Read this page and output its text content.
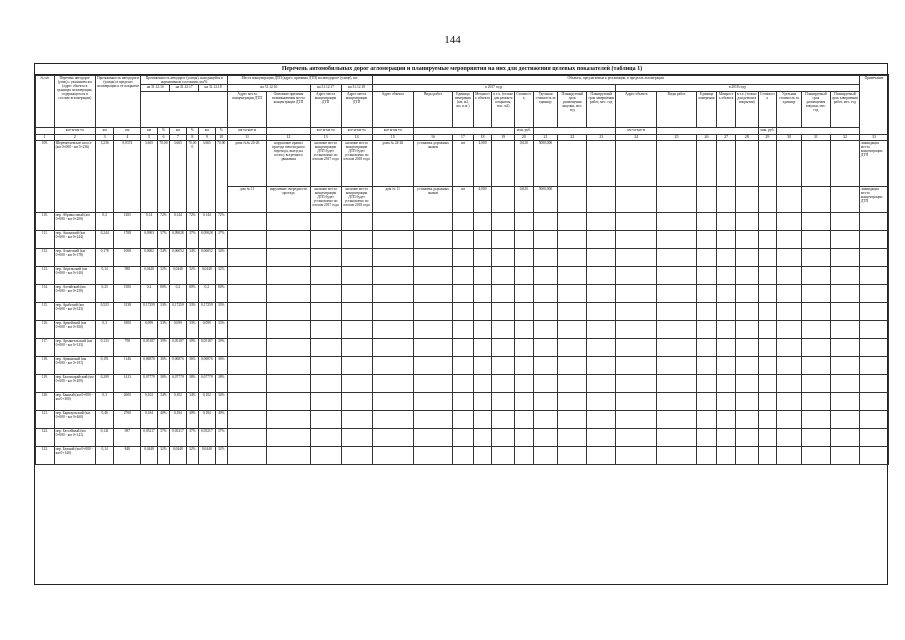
144
Перечень автомобильных дорог агломерации и планируемые мероприятия на них для достижения целевых показателей (таблица 1)
№ п/п	Перечень автодорог (улиц) с указанием км (адрес объекта в границах агломерации, содержащегося в составе агломерации)	Протяженность автодороги (улицы) в пределах агломерации и ее покрытие		Протяженность автодорог (улицы), находящейся в нормативном состоянии, км/%						Места концентрации ДТП (адрес, причины ДТП) на автодороге (улице), шт.				Объекты, предлагаемые к реализации, в пределах агломерации																		Примечание
				на 31.12.16		на 31.12.17		на 31.12.18		на 31.12.16		на 31.12.17	на 31.12.18	в 2017 году									в 2018 году									
										Адрес места концентрации ДТП	Описание причины возникновения места концентрации ДТП	Адрес места концентрации ДТП	Адрес места концентрации ДТП	Адрес объекта	Виды работ	Единица измерения (км, м2, шт, п.м.)	Мощность объекта	в т.ч. (только для ремонта покрытия, тыс. м2)	Стоимость	Удельная стоимость за единицу	Планируемый срок размещения закупки, мес. год	Планируемый срок завершения работ, мес. год	Адрес объекта	Виды работ	Единица измерения	Мощность объекта	в т.ч. (только для ремонта покрытия)	Стоимость	Удельная стоимость за единицу	Планируемый срок размещения закупки, мес. год	Планируемый срок завершения работ, мес. год	
	км+м-км+м	км	км	км	%	км	%	км	%	км+м-км+м		км+м-км+м	км+м-км+м	км+м-км+м					млн. руб.				км+м-км+м					млн. руб.				
1	2	3	4	5	6	7	8	9	10	11	12	13	14	15	16	17	18	19	20	21	22	23	24	25	26	27	28	29	30	31	32	33
109.	Шереметьевское шоссе (км 0+000 - км 5+236)	3,236	0,0374	3,665	70,00	3,665	70,000	3,665	70,00	дома №№ 24-26	нарушение правил проезда пешеходного перехода, выезд на полосу встречного движения	наличие места концентрации ДТП будет установлено по итогам 2017 года	наличие места концентрации ДТП будет установлено по итогам 2018 года	дома № 24-26	установка дорожных знаков	шт	4,000		0,020	5000,000												ликвидация места концентрации ДТП
										дом № 11	нарушение очередности проезда	наличие места концентрации ДТП будет установлено по итогам 2017 года	наличие места концентрации ДТП будет установлено по итогам 2018 года	дом № 11	установка дорожных знаков	шт	4,000		0,020	5000,000												ликвидация места концентрации ДТП
110.	пер. Абрикосовый (км 0+000 - км 0+200)	0,2	1265	0,14	72%	0,144	72%	0,144	72%																							
111.	пер. Ашанский (км 0+000 - км 0+244)	0,244	1708	0,0903	37%	0,09028	37%	0,09028	37%																							
112.	пер. Азиатский (км 0+000 - км 0+178)	0,178	1068	0,0602	34%	0,06052	34%	0,06052	34%																							
113.	пер. Апрельский (км 0+000 - км 0+140)	0,14	980	0,0448	32%	0,0448	32%	0,0448	32%																							
114.	пер. Алтайский (км 0+000 - км 0+250)	0,25	1500	0,2	80%	0,2	80%	0,2	80%																							
115.	пер. Арабский (км 0+000 - км 0+523)	0,523	3138	0,17259	33%	0,17259	33%	0,17259	33%																							
116.	пер. Армейский (км 0+000 - км 0+300)	0,3	1800	0,099	33%	0,099	33%	0,099	33%																							
117.	пер. Архангельский (км 0+000 - км 0+133)	0,133	798	0,05187	39%	0,05187	39%	0,05187	39%																							
118.	пер. Армянский (км 0+000 - км 0+191)	0,191	1146	0,06876	36%	0,06876	36%	0,06876	36%																							
119.	пер. Бахчисарайский (км 0+000 - км 0+209)	0,209	1413	0,07779	38%	0,07779	38%	0,07779	38%																							
120.	пер. Банный (км 0+000 - км 0+300)	0,3	2600	0,102	34%	0,102	34%	0,102	34%																							
121.	пер. Барнаульский (км 0+000 - км 0+460)	0,46	2760	0,184	40%	0,184	40%	0,184	40%																							
122.	пер. Бессейный (км 0+000 - км 0+141)	0,141	987	0,05217	37%	0,05217	37%	0,05217	37%																							
123.	пер. Бежной (км 0+000 - км 0+140)	0,14	840	0,0448	32%	0,0448	32%	0,0448	32%																							
